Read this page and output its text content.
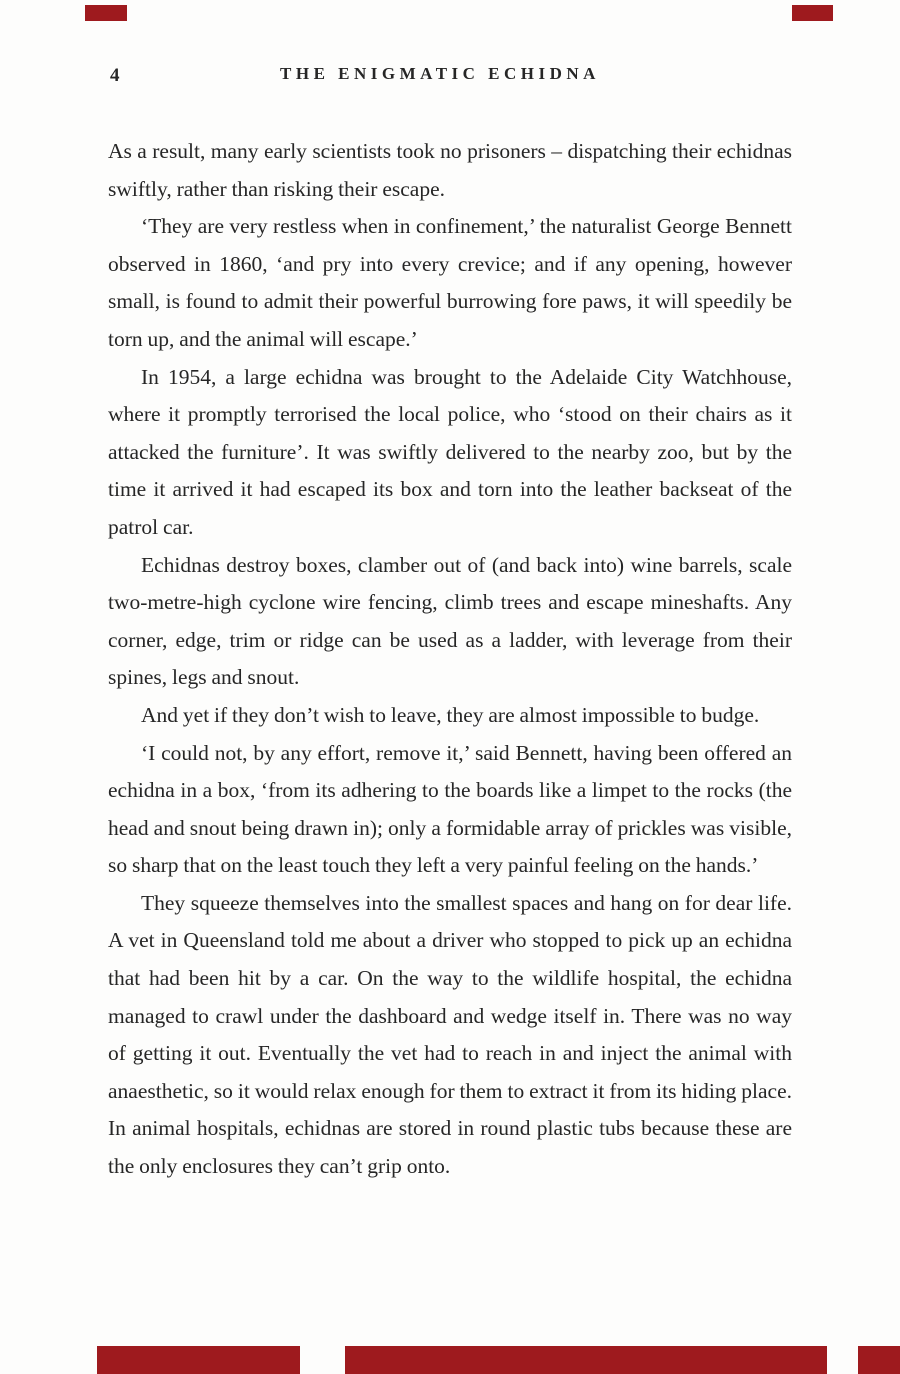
4	THE ENIGMATIC ECHIDNA

As a result, many early scientists took no prisoners – dispatching their echidnas swiftly, rather than risking their escape.

‘They are very restless when in confinement,’ the naturalist George Bennett observed in 1860, ‘and pry into every crevice; and if any opening, however small, is found to admit their powerful burrowing fore paws, it will speedily be torn up, and the animal will escape.’

In 1954, a large echidna was brought to the Adelaide City Watchhouse, where it promptly terrorised the local police, who ‘stood on their chairs as it attacked the furniture’. It was swiftly delivered to the nearby zoo, but by the time it arrived it had escaped its box and torn into the leather backseat of the patrol car.

Echidnas destroy boxes, clamber out of (and back into) wine barrels, scale two-metre-high cyclone wire fencing, climb trees and escape mineshafts. Any corner, edge, trim or ridge can be used as a ladder, with leverage from their spines, legs and snout.

And yet if they don’t wish to leave, they are almost impossible to budge.

‘I could not, by any effort, remove it,’ said Bennett, having been offered an echidna in a box, ‘from its adhering to the boards like a limpet to the rocks (the head and snout being drawn in); only a formidable array of prickles was visible, so sharp that on the least touch they left a very painful feeling on the hands.’

They squeeze themselves into the smallest spaces and hang on for dear life. A vet in Queensland told me about a driver who stopped to pick up an echidna that had been hit by a car. On the way to the wildlife hospital, the echidna managed to crawl under the dashboard and wedge itself in. There was no way of getting it out. Eventually the vet had to reach in and inject the animal with anaesthetic, so it would relax enough for them to extract it from its hiding place. In animal hospitals, echidnas are stored in round plastic tubs because these are the only enclosures they can’t grip onto.
